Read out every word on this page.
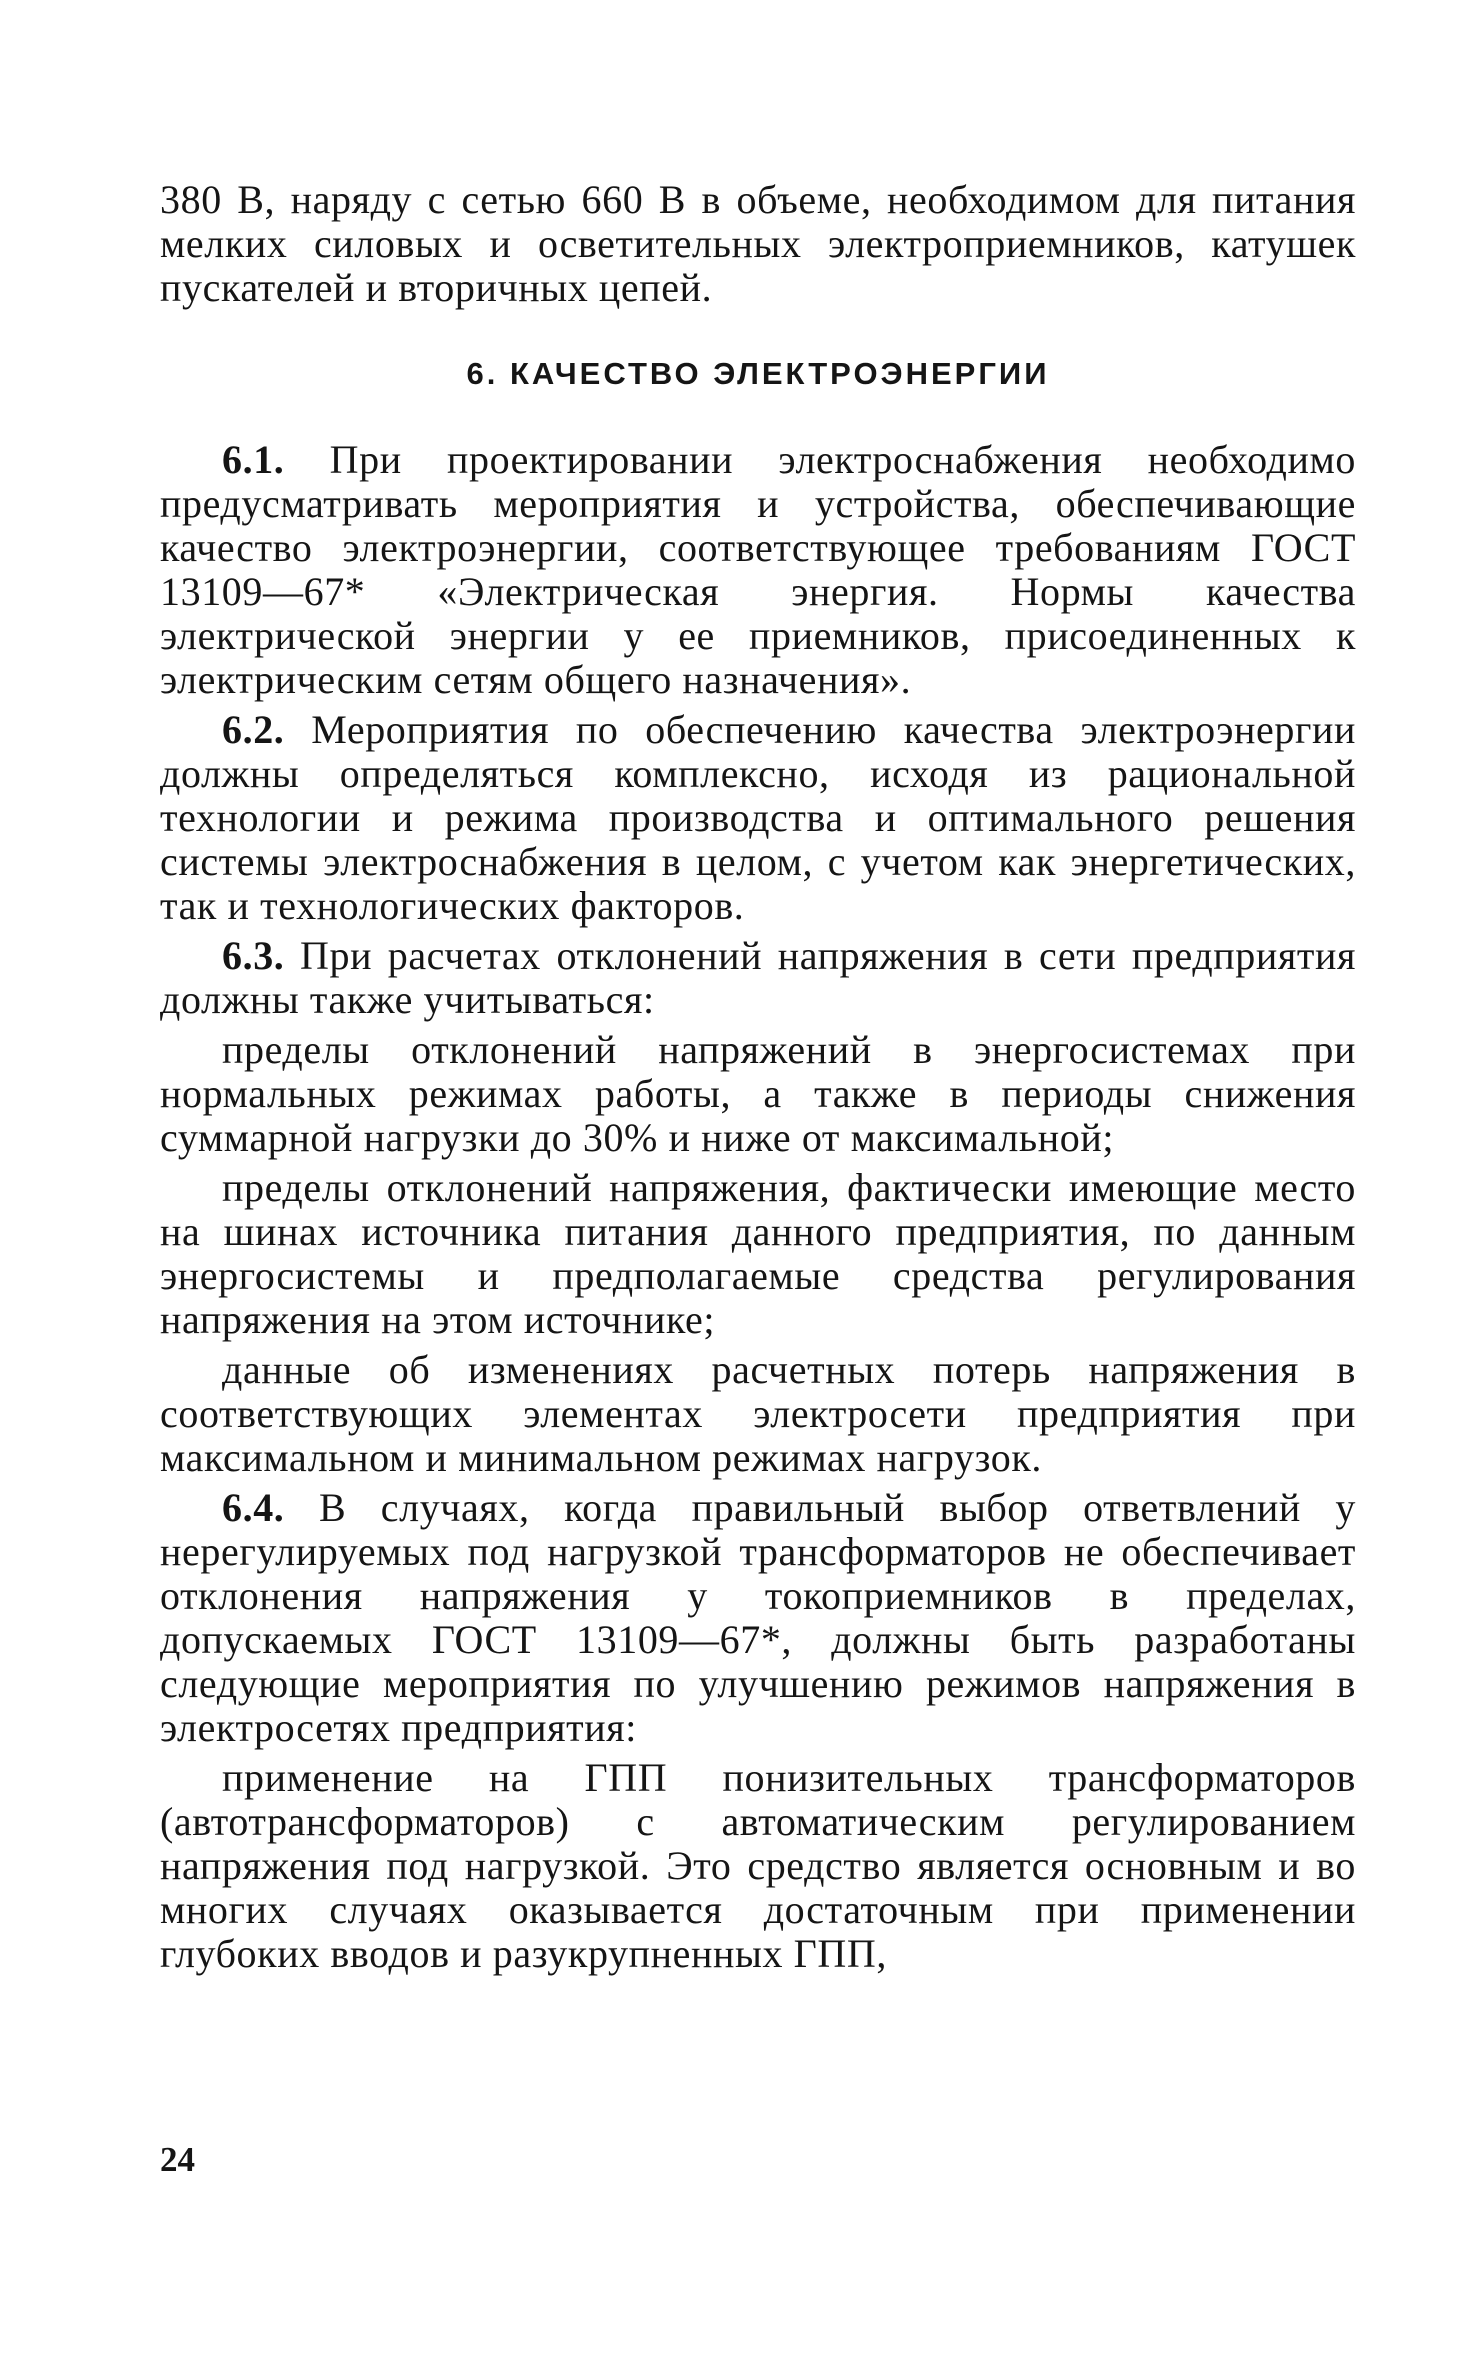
380 В, наряду с сетью 660 В в объеме, необходимом для питания мелких силовых и осветительных электроприемников, катушек пускателей и вторичных цепей.

6. КАЧЕСТВО ЭЛЕКТРОЭНЕРГИИ

6.1. При проектировании электроснабжения необходимо предусматривать мероприятия и устройства, обеспечивающие качество электроэнергии, соответствующее требованиям ГОСТ 13109—67* «Электрическая энергия. Нормы качества электрической энергии у ее приемников, присоединенных к электрическим сетям общего назначения».

6.2. Мероприятия по обеспечению качества электроэнергии должны определяться комплексно, исходя из рациональной технологии и режима производства и оптимального решения системы электроснабжения в целом, с учетом как энергетических, так и технологических факторов.

6.3. При расчетах отклонений напряжения в сети предприятия должны также учитываться:

пределы отклонений напряжений в энергосистемах при нормальных режимах работы, а также в периоды снижения суммарной нагрузки до 30% и ниже от максимальной;

пределы отклонений напряжения, фактически имеющие место на шинах источника питания данного предприятия, по данным энергосистемы и предполагаемые средства регулирования напряжения на этом источнике;

данные об изменениях расчетных потерь напряжения в соответствующих элементах электросети предприятия при максимальном и минимальном режимах нагрузок.

6.4. В случаях, когда правильный выбор ответвлений у нерегулируемых под нагрузкой трансформаторов не обеспечивает отклонения напряжения у токоприемников в пределах, допускаемых ГОСТ 13109—67*, должны быть разработаны следующие мероприятия по улучшению режимов напряжения в электросетях предприятия:

применение на ГПП понизительных трансформаторов (автотрансформаторов) с автоматическим регулированием напряжения под нагрузкой. Это средство является основным и во многих случаях оказывается достаточным при применении глубоких вводов и разукрупненных ГПП,

24
